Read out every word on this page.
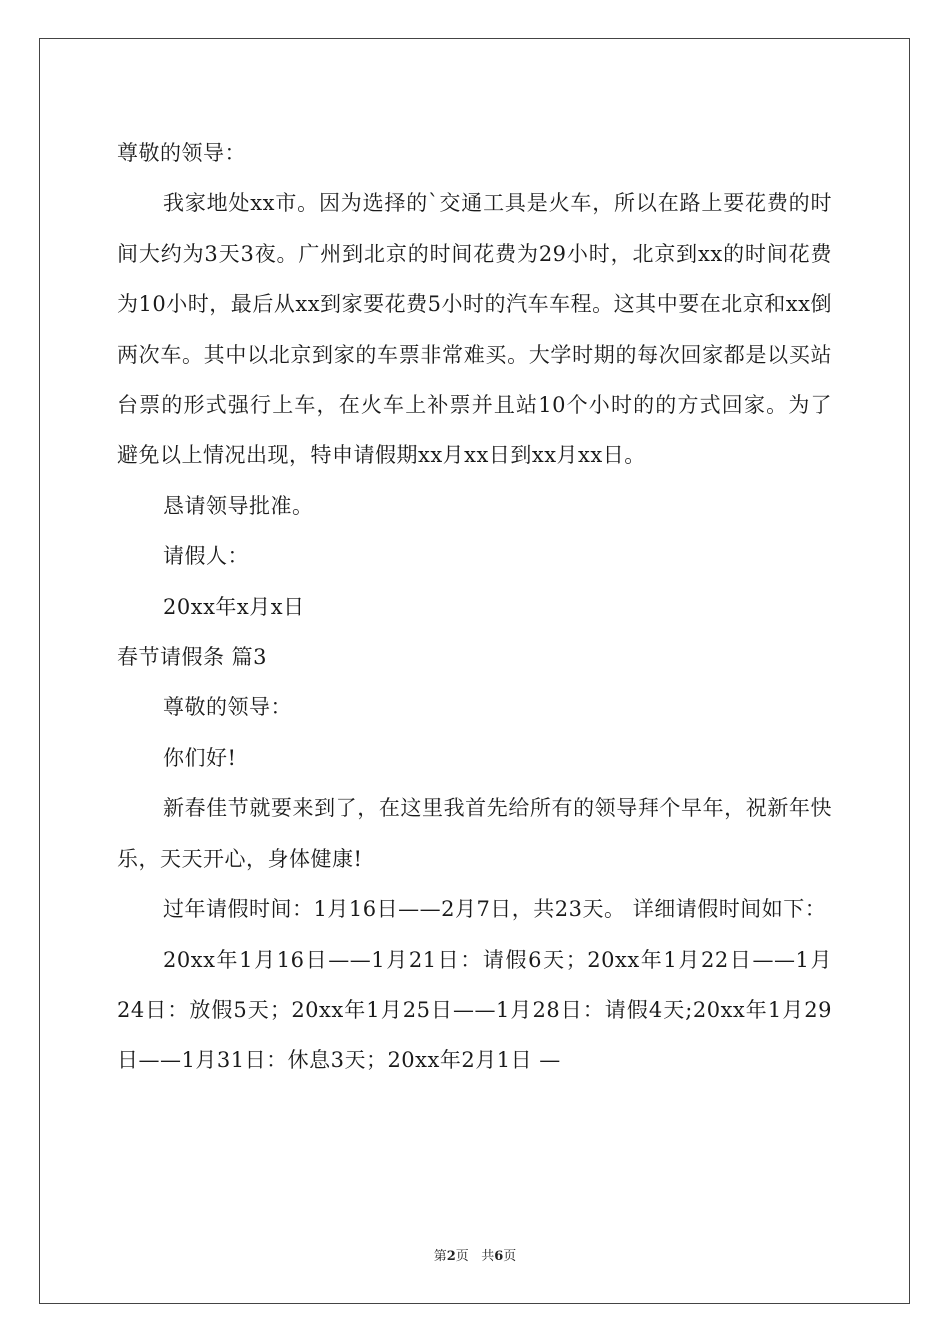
尊敬的领导：

我家地处xx市。因为选择的`交通工具是火车，所以在路上要花费的时间大约为3天3夜。广州到北京的时间花费为29小时，北京到xx的时间花费为10小时，最后从xx到家要花费5小时的汽车车程。这其中要在北京和xx倒两次车。其中以北京到家的车票非常难买。大学时期的每次回家都是以买站台票的形式强行上车，在火车上补票并且站10个小时的的方式回家。为了避免以上情况出现，特申请假期xx月xx日到xx月xx日。

恳请领导批准。

请假人：

20xx年x月x日

春节请假条 篇3

尊敬的领导：

你们好!

新春佳节就要来到了，在这里我首先给所有的领导拜个早年，祝新年快乐，天天开心，身体健康!

过年请假时间：1月16日——2月7日，共23天。 详细请假时间如下：

20xx年1月16日——1月21日：请假6天；20xx年1月22日——1月24日：放假5天；20xx年1月25日——1月28日：请假4天;20xx年1月29日——1月31日：休息3天；20xx年2月1日 —

第2页 共6页
